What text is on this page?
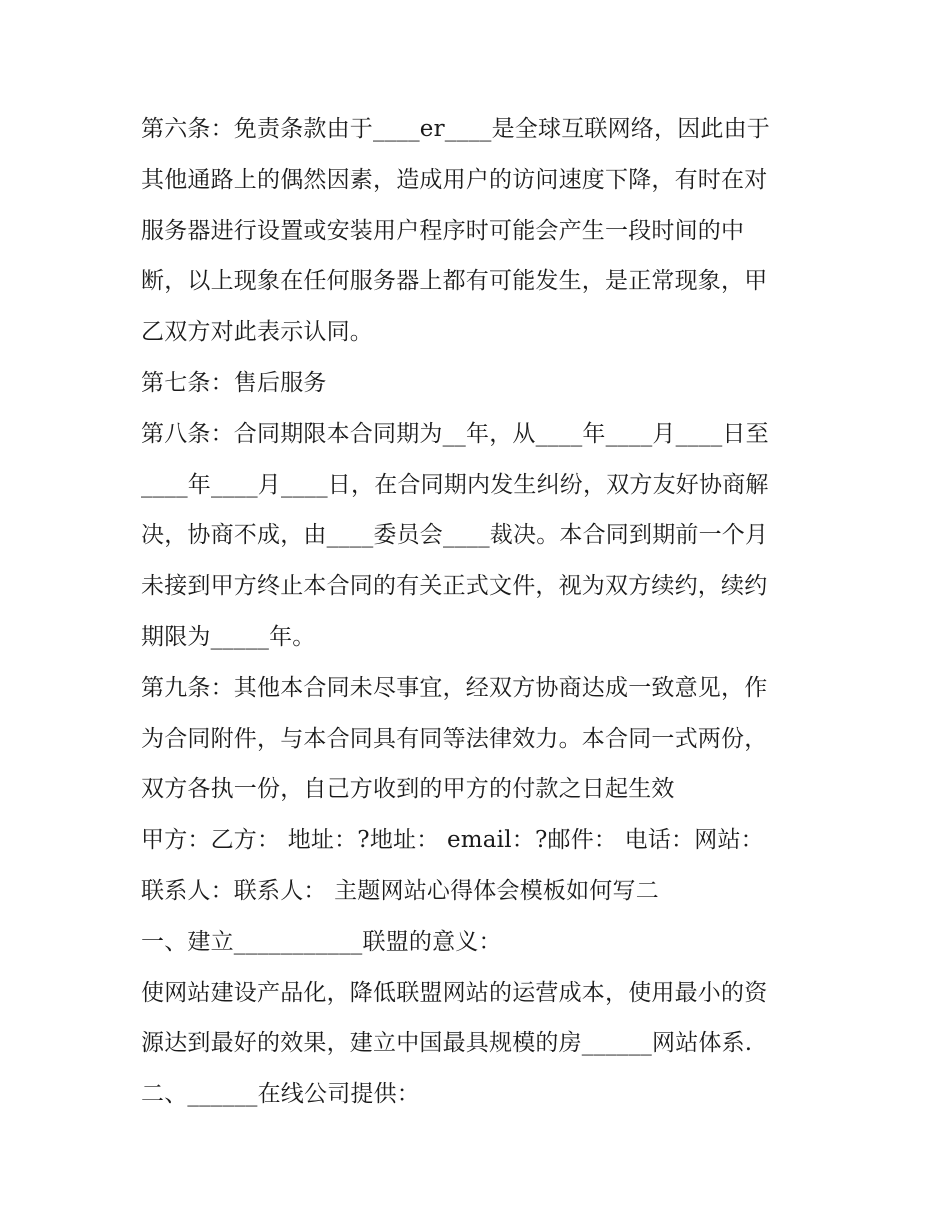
第六条：免责条款由于____er____是全球互联网络，因此由于
其他通路上的偶然因素，造成用户的访问速度下降，有时在对
服务器进行设置或安装用户程序时可能会产生一段时间的中
断，以上现象在任何服务器上都有可能发生，是正常现象，甲
乙双方对此表示认同。
第七条：售后服务
第八条：合同期限本合同期为__年，从____年____月____日至
____年____月____日，在合同期内发生纠纷，双方友好协商解
决，协商不成，由____委员会____裁决。本合同到期前一个月
未接到甲方终止本合同的有关正式文件，视为双方续约，续约
期限为_____年。
第九条：其他本合同未尽事宜，经双方协商达成一致意见，作
为合同附件，与本合同具有同等法律效力。本合同一式两份，
双方各执一份，自己方收到的甲方的付款之日起生效
甲方：乙方： 地址：?地址： email：?邮件： 电话：网站：
联系人：联系人： 主题网站心得体会模板如何写二
一、建立___________联盟的意义：
使网站建设产品化，降低联盟网站的运营成本，使用最小的资
源达到最好的效果，建立中国最具规模的房______网站体系.
二、______在线公司提供：
